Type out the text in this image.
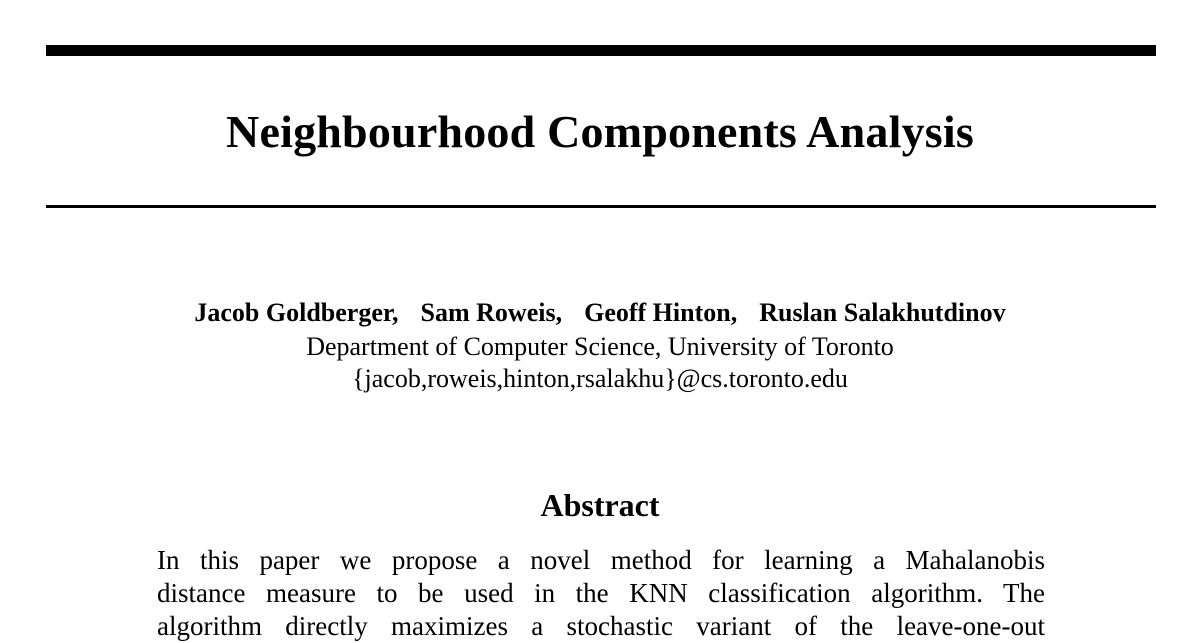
Neighbourhood Components Analysis
Jacob Goldberger, Sam Roweis, Geoff Hinton, Ruslan Salakhutdinov
Department of Computer Science, University of Toronto
{jacob,roweis,hinton,rsalakhu}@cs.toronto.edu
Abstract
In this paper we propose a novel method for learning a Mahalanobis
distance measure to be used in the KNN classification algorithm. The
algorithm directly maximizes a stochastic variant of the leave-one-out
